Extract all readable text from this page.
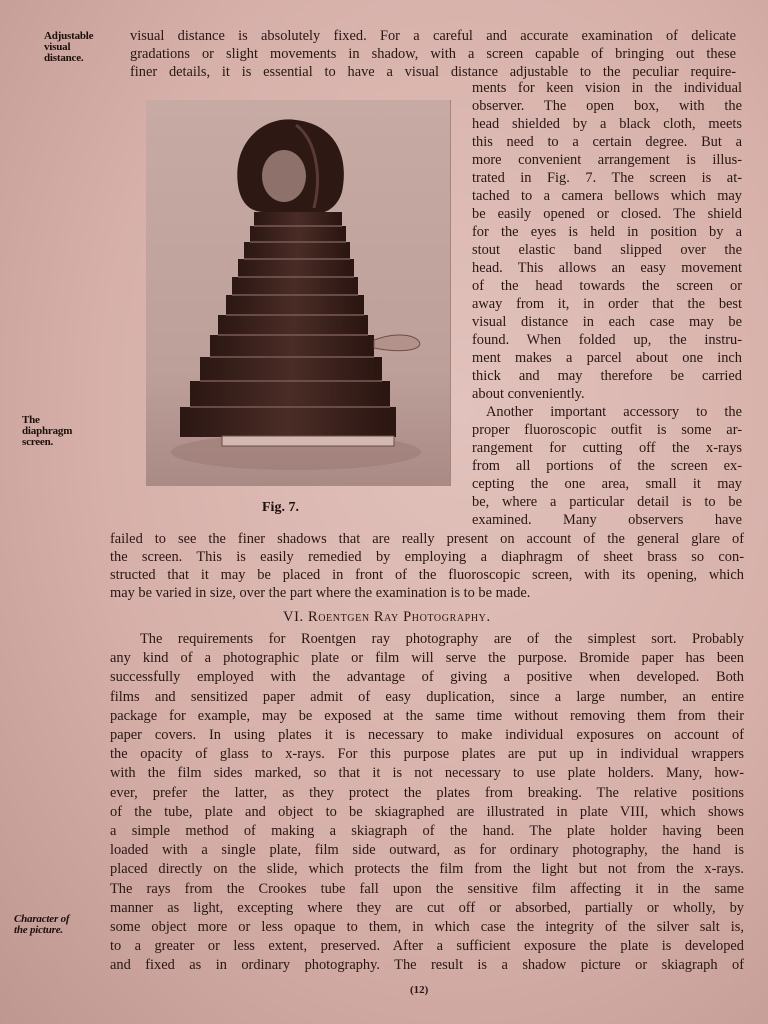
Adjustable
visual
distance.
The
diaphragm
screen.
Character of
the picture.
visual distance is absolutely fixed. For a careful and accurate examination of delicate
gradations or slight movements in shadow, with a screen capable of bringing out these
finer details, it is essential to have a visual distance adjustable to the peculiar require-
ments for keen vision in the individual
observer. The open box, with the
head shielded by a black cloth, meets
this need to a certain degree. But a
more convenient arrangement is illus-
trated in Fig. 7. The screen is at-
tached to a camera bellows which may
be easily opened or closed. The shield
for the eyes is held in position by a
stout elastic band slipped over the
head. This allows an easy movement
of the head towards the screen or
away from it, in order that the best
visual distance in each case may be
found. When folded up, the instru-
ment makes a parcel about one inch
thick and may therefore be carried
about conveniently.
Another important accessory to the
proper fluoroscopic outfit is some ar-
rangement for cutting off the x-rays
from all portions of the screen ex-
cepting the one area, small it may
be, where a particular detail is to be
examined. Many observers have
Fig. 7.
failed to see the finer shadows that are really present on account of the general glare of
the screen. This is easily remedied by employing a diaphragm of sheet brass so con-
structed that it may be placed in front of the fluoroscopic screen, with its opening, which
may be varied in size, over the part where the examination is to be made.
VI. Roentgen Ray Photography.
The requirements for Roentgen ray photography are of the simplest sort. Probably
any kind of a photographic plate or film will serve the purpose. Bromide paper has been
successfully employed with the advantage of giving a positive when developed. Both
films and sensitized paper admit of easy duplication, since a large number, an entire
package for example, may be exposed at the same time without removing them from their
paper covers. In using plates it is necessary to make individual exposures on account of
the opacity of glass to x-rays. For this purpose plates are put up in individual wrappers
with the film sides marked, so that it is not necessary to use plate holders. Many, how-
ever, prefer the latter, as they protect the plates from breaking. The relative positions
of the tube, plate and object to be skiagraphed are illustrated in plate VIII, which shows
a simple method of making a skiagraph of the hand. The plate holder having been
loaded with a single plate, film side outward, as for ordinary photography, the hand is
placed directly on the slide, which protects the film from the light but not from the x-rays.
The rays from the Crookes tube fall upon the sensitive film affecting it in the same
manner as light, excepting where they are cut off or absorbed, partially or wholly, by
(12)
some object more or less opaque to them, in which case the integrity of the silver salt is,
to a greater or less extent, preserved. After a sufficient exposure the plate is developed
and fixed as in ordinary photography. The result is a shadow picture or skiagraph of
